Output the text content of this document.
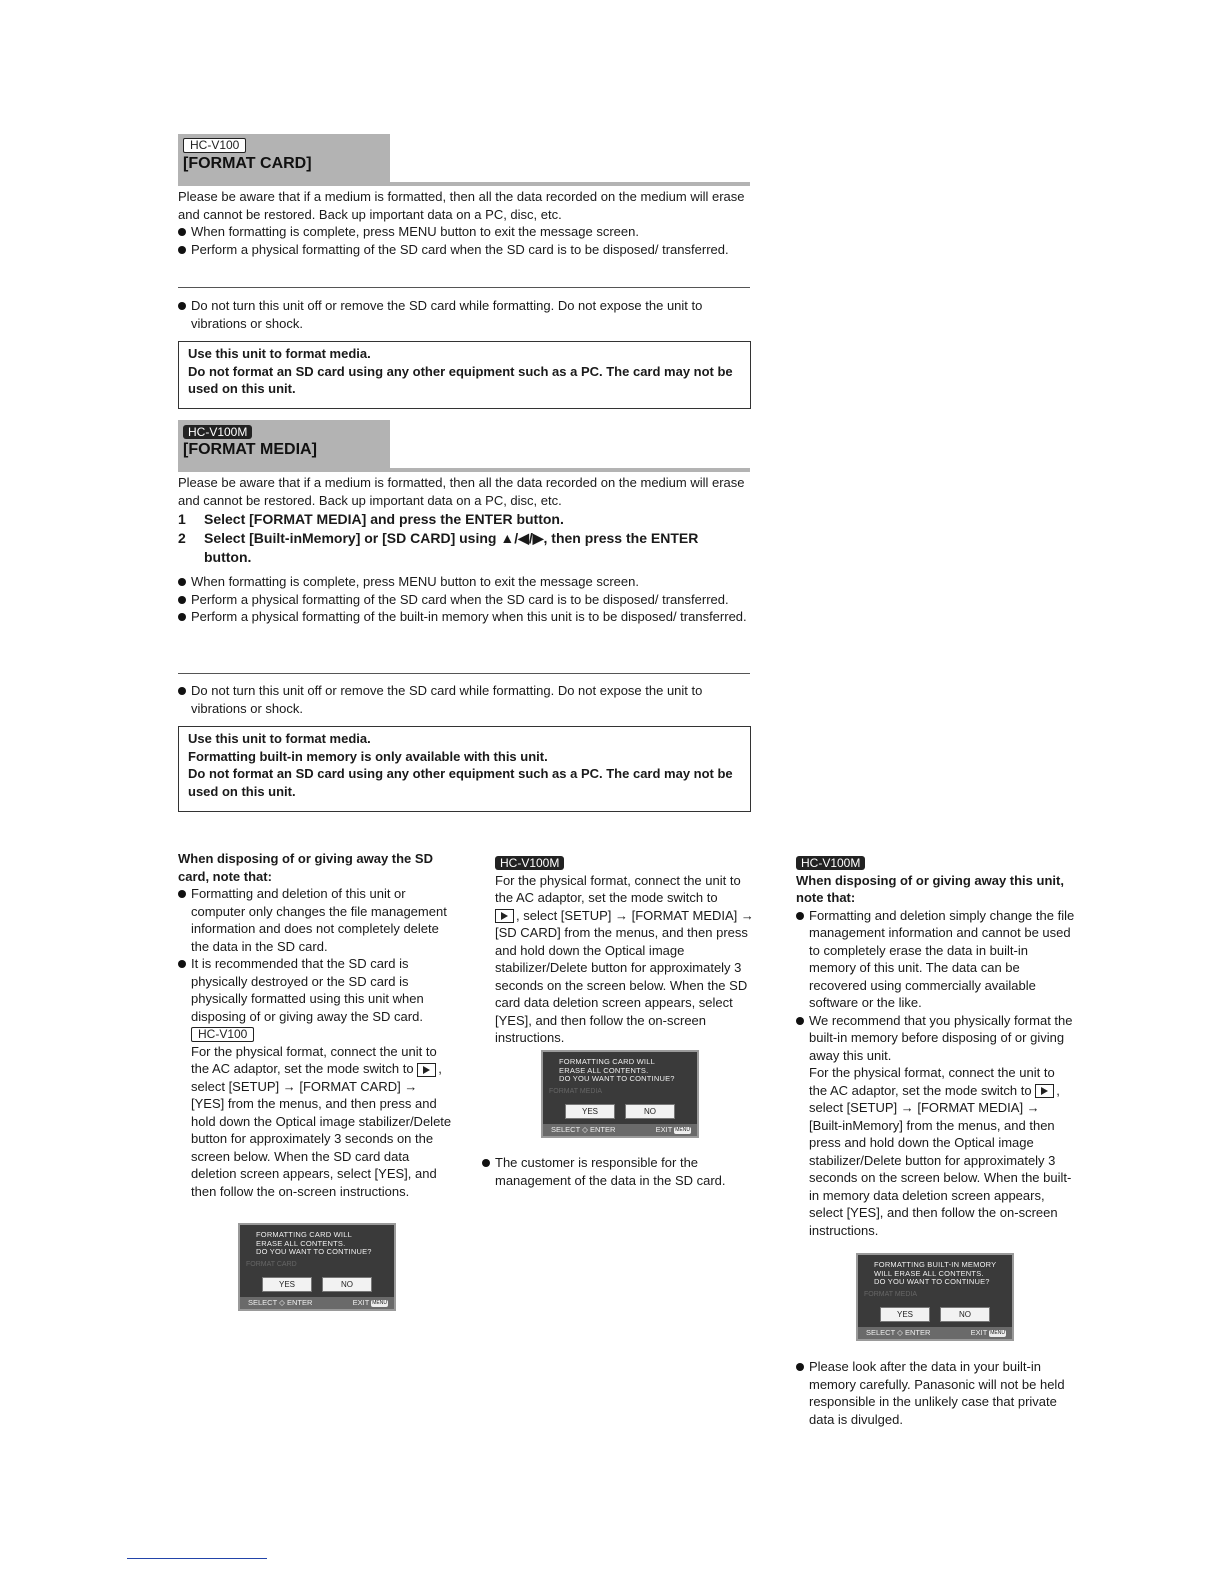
HC-V100
[FORMAT CARD]

Please be aware that if a medium is formatted, then all the data recorded on the medium will erase and cannot be restored. Back up important data on a PC, disc, etc.

When formatting is complete, press MENU button to exit the message screen.
Perform a physical formatting of the SD card when the SD card is to be disposed/ transferred.
Do not turn this unit off or remove the SD card while formatting. Do not expose the unit to vibrations or shock.
Use this unit to format media.
Do not format an SD card using any other equipment such as a PC. The card may not be used on this unit.
HC-V100M
[FORMAT MEDIA]

Please be aware that if a medium is formatted, then all the data recorded on the medium will erase and cannot be restored. Back up important data on a PC, disc, etc.

1	Select [FORMAT MEDIA] and press the ENTER button.
2	Select [Built-inMemory] or [SD CARD] using ▲/◀/▶, then press the ENTER button.
When formatting is complete, press MENU button to exit the message screen.
Perform a physical formatting of the SD card when the SD card is to be disposed/ transferred.
Perform a physical formatting of the built-in memory when this unit is to be disposed/ transferred.
Do not turn this unit off or remove the SD card while formatting. Do not expose the unit to vibrations or shock.
Use this unit to format media.
Formatting built-in memory is only available with this unit.
Do not format an SD card using any other equipment such as a PC. The card may not be used on this unit.
When disposing of or giving away the SD card, note that:
Formatting and deletion of this unit or computer only changes the file management information and does not completely delete the data in the SD card.
It is recommended that the SD card is physically destroyed or the SD card is physically formatted using this unit when disposing of or giving away the SD card.
HC-V100
For the physical format, connect the unit to the AC adaptor, set the mode switch to , select [SETUP] → [FORMAT CARD] → [YES] from the menus, and then press and hold down the Optical image stabilizer/Delete button for approximately 3 seconds on the screen below. When the SD card data deletion screen appears, select [YES], and then follow the on-screen instructions.
FORMATTING CARD WILL
ERASE ALL CONTENTS.
DO YOU WANT TO CONTINUE?
FORMAT CARD
YES	NO
SELECT ◇ ENTER	EXIT MENU
HC-V100M
For the physical format, connect the unit to the AC adaptor, set the mode switch to
, select [SETUP] → [FORMAT MEDIA] → [SD CARD] from the menus, and then press and hold down the Optical image stabilizer/Delete button for approximately 3 seconds on the screen below. When the SD card data deletion screen appears, select [YES], and then follow the on-screen instructions.
FORMATTING CARD WILL
ERASE ALL CONTENTS.
DO YOU WANT TO CONTINUE?
FORMAT MEDIA
YES	NO
SELECT ◇ ENTER	EXIT MENU
The customer is responsible for the management of the data in the SD card.
HC-V100M
When disposing of or giving away this unit, note that:
Formatting and deletion simply change the file management information and cannot be used to completely erase the data in built-in memory of this unit. The data can be recovered using commercially available software or the like.
We recommend that you physically format the built-in memory before disposing of or giving away this unit.
For the physical format, connect the unit to the AC adaptor, set the mode switch to , select [SETUP] → [FORMAT MEDIA] → [Built-inMemory] from the menus, and then press and hold down the Optical image stabilizer/Delete button for approximately 3 seconds on the screen below. When the built-in memory data deletion screen appears, select [YES], and then follow the on-screen instructions.
FORMATTING BUILT-IN MEMORY
WILL ERASE ALL CONTENTS.
DO YOU WANT TO CONTINUE?
FORMAT MEDIA
YES	NO
SELECT ◇ ENTER	EXIT MENU
Please look after the data in your built-in memory carefully. Panasonic will not be held responsible in the unlikely case that private data is divulged.
